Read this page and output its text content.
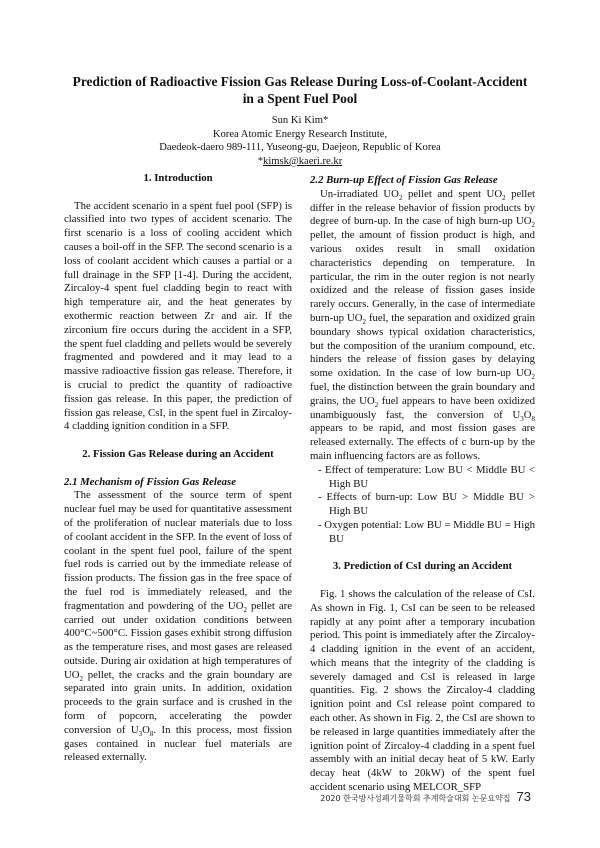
Prediction of Radioactive Fission Gas Release During Loss-of-Coolant-Accident
in a Spent Fuel Pool
Sun Ki Kim*
Korea Atomic Energy Research Institute,
Daedeok-daero 989-111, Yuseong-gu, Daejeon, Republic of Korea
*kimsk@kaeri.re.kr

1. Introduction

The accident scenario in a spent fuel pool (SFP) is classified into two types of accident scenario. The first scenario is a loss of cooling accident which causes a boil-off in the SFP. The second scenario is a loss of coolant accident which causes a partial or a full drainage in the SFP [1-4]. During the accident, Zircaloy-4 spent fuel cladding begin to react with high temperature air, and the heat generates by exothermic reaction between Zr and air. If the zirconium fire occurs during the accident in a SFP, the spent fuel cladding and pellets would be severely fragmented and powdered and it may lead to a massive radioactive fission gas release. Therefore, it is crucial to predict the quantity of radioactive fission gas release. In this paper, the prediction of fission gas release, CsI, in the spent fuel in Zircaloy-4 cladding ignition condition in a SFP.

2. Fission Gas Release during an Accident

2.1 Mechanism of Fission Gas Release

The assessment of the source term of spent nuclear fuel may be used for quantitative assessment of the proliferation of nuclear materials due to loss of coolant accident in the SFP. In the event of loss of coolant in the spent fuel pool, failure of the spent fuel rods is carried out by the immediate release of fission products. The fission gas in the free space of the fuel rod is immediately released, and the fragmentation and powdering of the $UO_2$ pellet are carried out under oxidation conditions between 400°C~500°C. Fission gases exhibit strong diffusion as the temperature rises, and most gases are released outside. During air oxidation at high temperatures of $UO_2$ pellet, the cracks and the grain boundary are separated into grain units. In addition, oxidation proceeds to the grain surface and is crushed in the form of popcorn, accelerating the powder conversion of $U_3O_8$. In this process, most fission gases contained in nuclear fuel materials are released externally.

2.2 Burn-up Effect of Fission Gas Release

Un-irradiated $UO_2$ pellet and spent $UO_2$ pellet differ in the release behavior of fission products by degree of burn-up. In the case of high burn-up $UO_2$ pellet, the amount of fission product is high, and various oxides result in small oxidation characteristics depending on temperature. In particular, the rim in the outer region is not nearly oxidized and the release of fission gases inside rarely occurs. Generally, in the case of intermediate burn-up $UO_2$ fuel, the separation and oxidized grain boundary shows typical oxidation characteristics, but the composition of the uranium compound, etc. hinders the release of fission gases by delaying some oxidation. In the case of low burn-up $UO_2$ fuel, the distinction between the grain boundary and grains, the $UO_2$ fuel appears to have been oxidized unambiguously fast, the conversion of $U_3O_8$ appears to be rapid, and most fission gases are released externally. The effects of c burn-up by the main influencing factors are as follows.

- Effect of temperature: Low BU < Middle BU < High BU
- Effects of burn-up: Low BU > Middle BU > High BU
- Oxygen potential: Low BU = Middle BU = High BU

3. Prediction of CsI during an Accident

Fig. 1 shows the calculation of the release of CsI. As shown in Fig. 1, CsI can be seen to be released rapidly at any point after a temporary incubation period. This point is immediately after the Zircaloy-4 cladding ignition in the event of an accident, which means that the integrity of the cladding is severely damaged and CsI is released in large quantities. Fig. 2 shows the Zircaloy-4 cladding ignition point and CsI release point compared to each other. As shown in Fig. 2, the CsI are shown to be released in large quantities immediately after the ignition point of Zircaloy-4 cladding in a spent fuel assembly with an initial decay heat of 5 kW. Early decay heat (4kW to 20kW) of the spent fuel accident scenario using MELCOR_SFP

2020 한국방사성폐기물학회 추계학술대회 논문요약집 73
